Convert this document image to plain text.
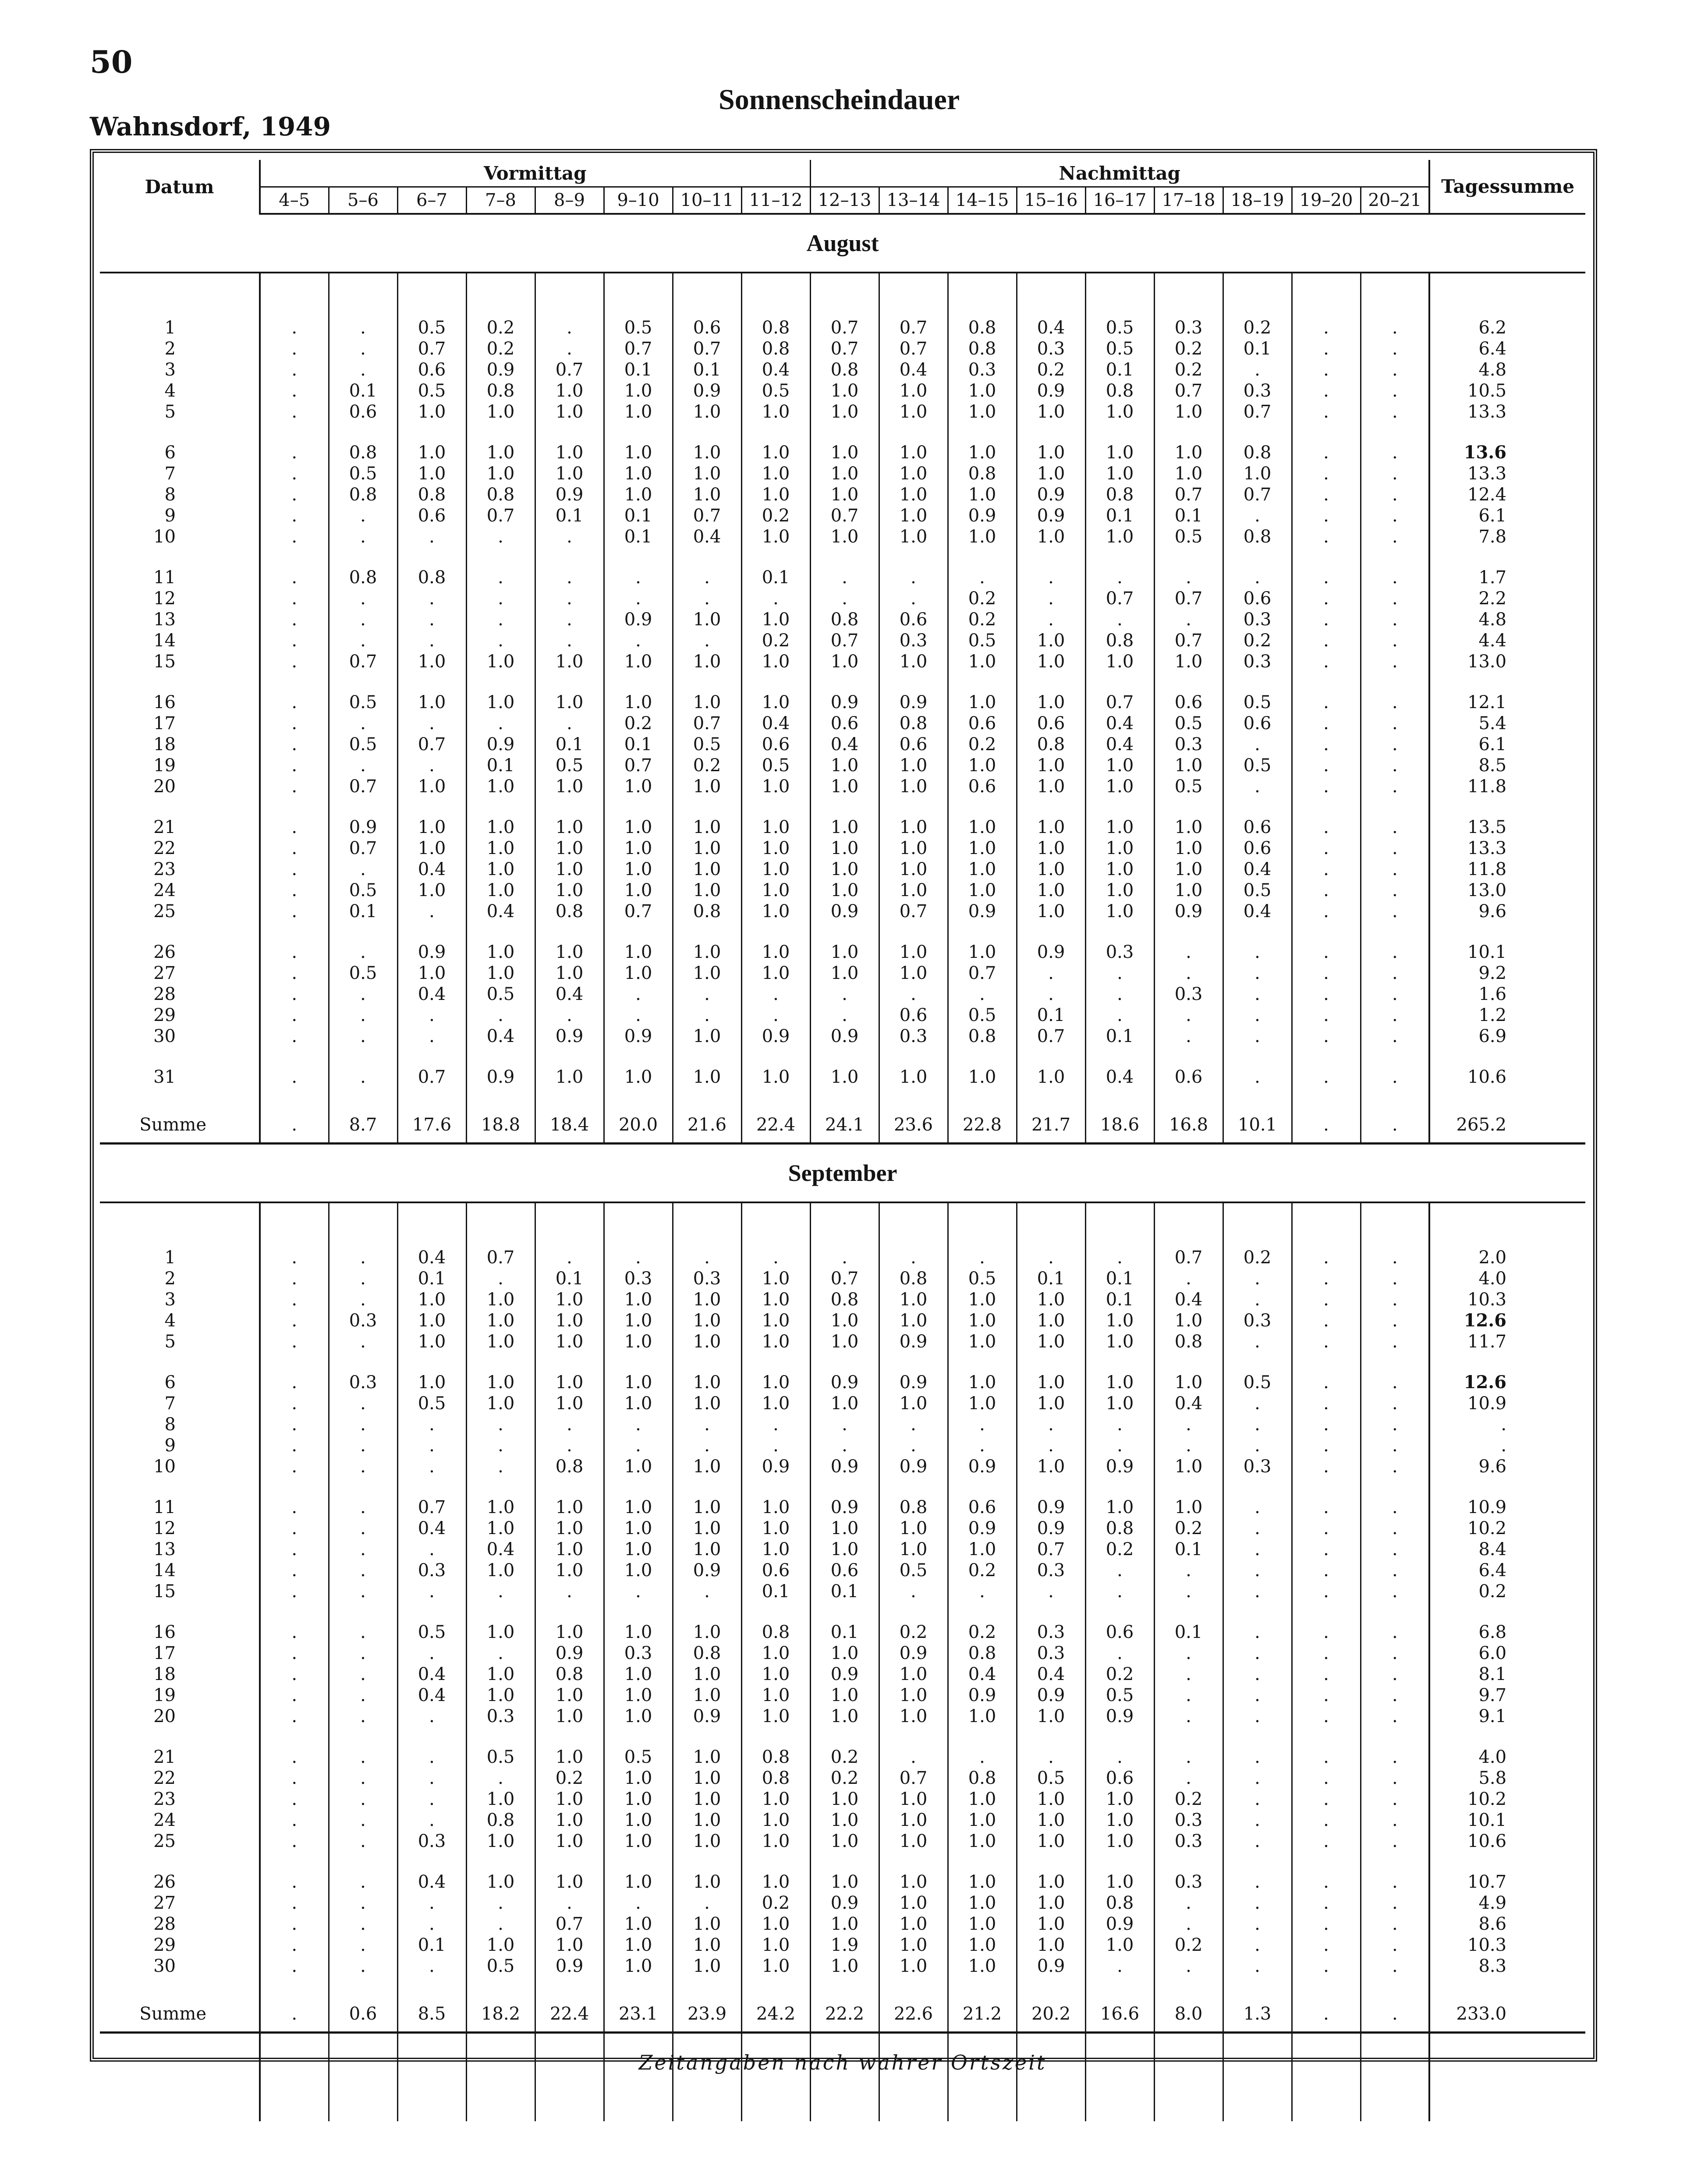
50
Wahnsdorf, 1949
Sonnenscheindauer
Datum	Vormittag								Nachmittag									Tagessumme
	4–5	5–6	6–7	7–8	8–9	9–10	10–11	11–12	12–13	13–14	14–15	15–16	16–17	17–18	18–19	19–20	20–21	
August																		

1	.	.	0.5	0.2	.	0.5	0.6	0.8	0.7	0.7	0.8	0.4	0.5	0.3	0.2	.	.	6.2
2	.	.	0.7	0.2	.	0.7	0.7	0.8	0.7	0.7	0.8	0.3	0.5	0.2	0.1	.	.	6.4
3	.	.	0.6	0.9	0.7	0.1	0.1	0.4	0.8	0.4	0.3	0.2	0.1	0.2	.	.	.	4.8
4	.	0.1	0.5	0.8	1.0	1.0	0.9	0.5	1.0	1.0	1.0	0.9	0.8	0.7	0.3	.	.	10.5
5	.	0.6	1.0	1.0	1.0	1.0	1.0	1.0	1.0	1.0	1.0	1.0	1.0	1.0	0.7	.	.	13.3

6	.	0.8	1.0	1.0	1.0	1.0	1.0	1.0	1.0	1.0	1.0	1.0	1.0	1.0	0.8	.	.	13.6
7	.	0.5	1.0	1.0	1.0	1.0	1.0	1.0	1.0	1.0	0.8	1.0	1.0	1.0	1.0	.	.	13.3
8	.	0.8	0.8	0.8	0.9	1.0	1.0	1.0	1.0	1.0	1.0	0.9	0.8	0.7	0.7	.	.	12.4
9	.	.	0.6	0.7	0.1	0.1	0.7	0.2	0.7	1.0	0.9	0.9	0.1	0.1	.	.	.	6.1
10	.	.	.	.	.	0.1	0.4	1.0	1.0	1.0	1.0	1.0	1.0	0.5	0.8	.	.	7.8

11	.	0.8	0.8	.	.	.	.	0.1	.	.	.	.	.	.	.	.	.	1.7
12	.	.	.	.	.	.	.	.	.	.	0.2	.	0.7	0.7	0.6	.	.	2.2
13	.	.	.	.	.	0.9	1.0	1.0	0.8	0.6	0.2	.	.	.	0.3	.	.	4.8
14	.	.	.	.	.	.	.	0.2	0.7	0.3	0.5	1.0	0.8	0.7	0.2	.	.	4.4
15	.	0.7	1.0	1.0	1.0	1.0	1.0	1.0	1.0	1.0	1.0	1.0	1.0	1.0	0.3	.	.	13.0

16	.	0.5	1.0	1.0	1.0	1.0	1.0	1.0	0.9	0.9	1.0	1.0	0.7	0.6	0.5	.	.	12.1
17	.	.	.	.	.	0.2	0.7	0.4	0.6	0.8	0.6	0.6	0.4	0.5	0.6	.	.	5.4
18	.	0.5	0.7	0.9	0.1	0.1	0.5	0.6	0.4	0.6	0.2	0.8	0.4	0.3	.	.	.	6.1
19	.	.	.	0.1	0.5	0.7	0.2	0.5	1.0	1.0	1.0	1.0	1.0	1.0	0.5	.	.	8.5
20	.	0.7	1.0	1.0	1.0	1.0	1.0	1.0	1.0	1.0	0.6	1.0	1.0	0.5	.	.	.	11.8

21	.	0.9	1.0	1.0	1.0	1.0	1.0	1.0	1.0	1.0	1.0	1.0	1.0	1.0	0.6	.	.	13.5
22	.	0.7	1.0	1.0	1.0	1.0	1.0	1.0	1.0	1.0	1.0	1.0	1.0	1.0	0.6	.	.	13.3
23	.	.	0.4	1.0	1.0	1.0	1.0	1.0	1.0	1.0	1.0	1.0	1.0	1.0	0.4	.	.	11.8
24	.	0.5	1.0	1.0	1.0	1.0	1.0	1.0	1.0	1.0	1.0	1.0	1.0	1.0	0.5	.	.	13.0
25	.	0.1	.	0.4	0.8	0.7	0.8	1.0	0.9	0.7	0.9	1.0	1.0	0.9	0.4	.	.	9.6

26	.	.	0.9	1.0	1.0	1.0	1.0	1.0	1.0	1.0	1.0	0.9	0.3	.	.	.	.	10.1
27	.	0.5	1.0	1.0	1.0	1.0	1.0	1.0	1.0	1.0	0.7	.	.	.	.	.	.	9.2
28	.	.	0.4	0.5	0.4	.	.	.	.	.	.	.	.	0.3	.	.	.	1.6
29	.	.	.	.	.	.	.	.	.	0.6	0.5	0.1	.	.	.	.	.	1.2
30	.	.	.	0.4	0.9	0.9	1.0	0.9	0.9	0.3	0.8	0.7	0.1	.	.	.	.	6.9

31	.	.	0.7	0.9	1.0	1.0	1.0	1.0	1.0	1.0	1.0	1.0	0.4	0.6	.	.	.	10.6

Summe	.	8.7	17.6	18.8	18.4	20.0	21.6	22.4	24.1	23.6	22.8	21.7	18.6	16.8	10.1	.	.	265.2
September																		

1	.	.	0.4	0.7	.	.	.	.	.	.	.	.	.	0.7	0.2	.	.	2.0
2	.	.	0.1	.	0.1	0.3	0.3	1.0	0.7	0.8	0.5	0.1	0.1	.	.	.	.	4.0
3	.	.	1.0	1.0	1.0	1.0	1.0	1.0	0.8	1.0	1.0	1.0	0.1	0.4	.	.	.	10.3
4	.	0.3	1.0	1.0	1.0	1.0	1.0	1.0	1.0	1.0	1.0	1.0	1.0	1.0	0.3	.	.	12.6
5	.	.	1.0	1.0	1.0	1.0	1.0	1.0	1.0	0.9	1.0	1.0	1.0	0.8	.	.	.	11.7

6	.	0.3	1.0	1.0	1.0	1.0	1.0	1.0	0.9	0.9	1.0	1.0	1.0	1.0	0.5	.	.	12.6
7	.	.	0.5	1.0	1.0	1.0	1.0	1.0	1.0	1.0	1.0	1.0	1.0	0.4	.	.	.	10.9
8	.	.	.	.	.	.	.	.	.	.	.	.	.	.	.	.	.	.
9	.	.	.	.	.	.	.	.	.	.	.	.	.	.	.	.	.	.
10	.	.	.	.	0.8	1.0	1.0	0.9	0.9	0.9	0.9	1.0	0.9	1.0	0.3	.	.	9.6

11	.	.	0.7	1.0	1.0	1.0	1.0	1.0	0.9	0.8	0.6	0.9	1.0	1.0	.	.	.	10.9
12	.	.	0.4	1.0	1.0	1.0	1.0	1.0	1.0	1.0	0.9	0.9	0.8	0.2	.	.	.	10.2
13	.	.	.	0.4	1.0	1.0	1.0	1.0	1.0	1.0	1.0	0.7	0.2	0.1	.	.	.	8.4
14	.	.	0.3	1.0	1.0	1.0	0.9	0.6	0.6	0.5	0.2	0.3	.	.	.	.	.	6.4
15	.	.	.	.	.	.	.	0.1	0.1	.	.	.	.	.	.	.	.	0.2

16	.	.	0.5	1.0	1.0	1.0	1.0	0.8	0.1	0.2	0.2	0.3	0.6	0.1	.	.	.	6.8
17	.	.	.	.	0.9	0.3	0.8	1.0	1.0	0.9	0.8	0.3	.	.	.	.	.	6.0
18	.	.	0.4	1.0	0.8	1.0	1.0	1.0	0.9	1.0	0.4	0.4	0.2	.	.	.	.	8.1
19	.	.	0.4	1.0	1.0	1.0	1.0	1.0	1.0	1.0	0.9	0.9	0.5	.	.	.	.	9.7
20	.	.	.	0.3	1.0	1.0	0.9	1.0	1.0	1.0	1.0	1.0	0.9	.	.	.	.	9.1

21	.	.	.	0.5	1.0	0.5	1.0	0.8	0.2	.	.	.	.	.	.	.	.	4.0
22	.	.	.	.	0.2	1.0	1.0	0.8	0.2	0.7	0.8	0.5	0.6	.	.	.	.	5.8
23	.	.	.	1.0	1.0	1.0	1.0	1.0	1.0	1.0	1.0	1.0	1.0	0.2	.	.	.	10.2
24	.	.	.	0.8	1.0	1.0	1.0	1.0	1.0	1.0	1.0	1.0	1.0	0.3	.	.	.	10.1
25	.	.	0.3	1.0	1.0	1.0	1.0	1.0	1.0	1.0	1.0	1.0	1.0	0.3	.	.	.	10.6

26	.	.	0.4	1.0	1.0	1.0	1.0	1.0	1.0	1.0	1.0	1.0	1.0	0.3	.	.	.	10.7
27	.	.	.	.	.	.	.	0.2	0.9	1.0	1.0	1.0	0.8	.	.	.	.	4.9
28	.	.	.	.	0.7	1.0	1.0	1.0	1.0	1.0	1.0	1.0	0.9	.	.	.	.	8.6
29	.	.	0.1	1.0	1.0	1.0	1.0	1.0	1.9	1.0	1.0	1.0	1.0	0.2	.	.	.	10.3
30	.	.	.	0.5	0.9	1.0	1.0	1.0	1.0	1.0	1.0	0.9	.	.	.	.	.	8.3

Summe	.	0.6	8.5	18.2	22.4	23.1	23.9	24.2	22.2	22.6	21.2	20.2	16.6	8.0	1.3	.	.	233.0

Zeitangaben nach wahrer Ortszeit
